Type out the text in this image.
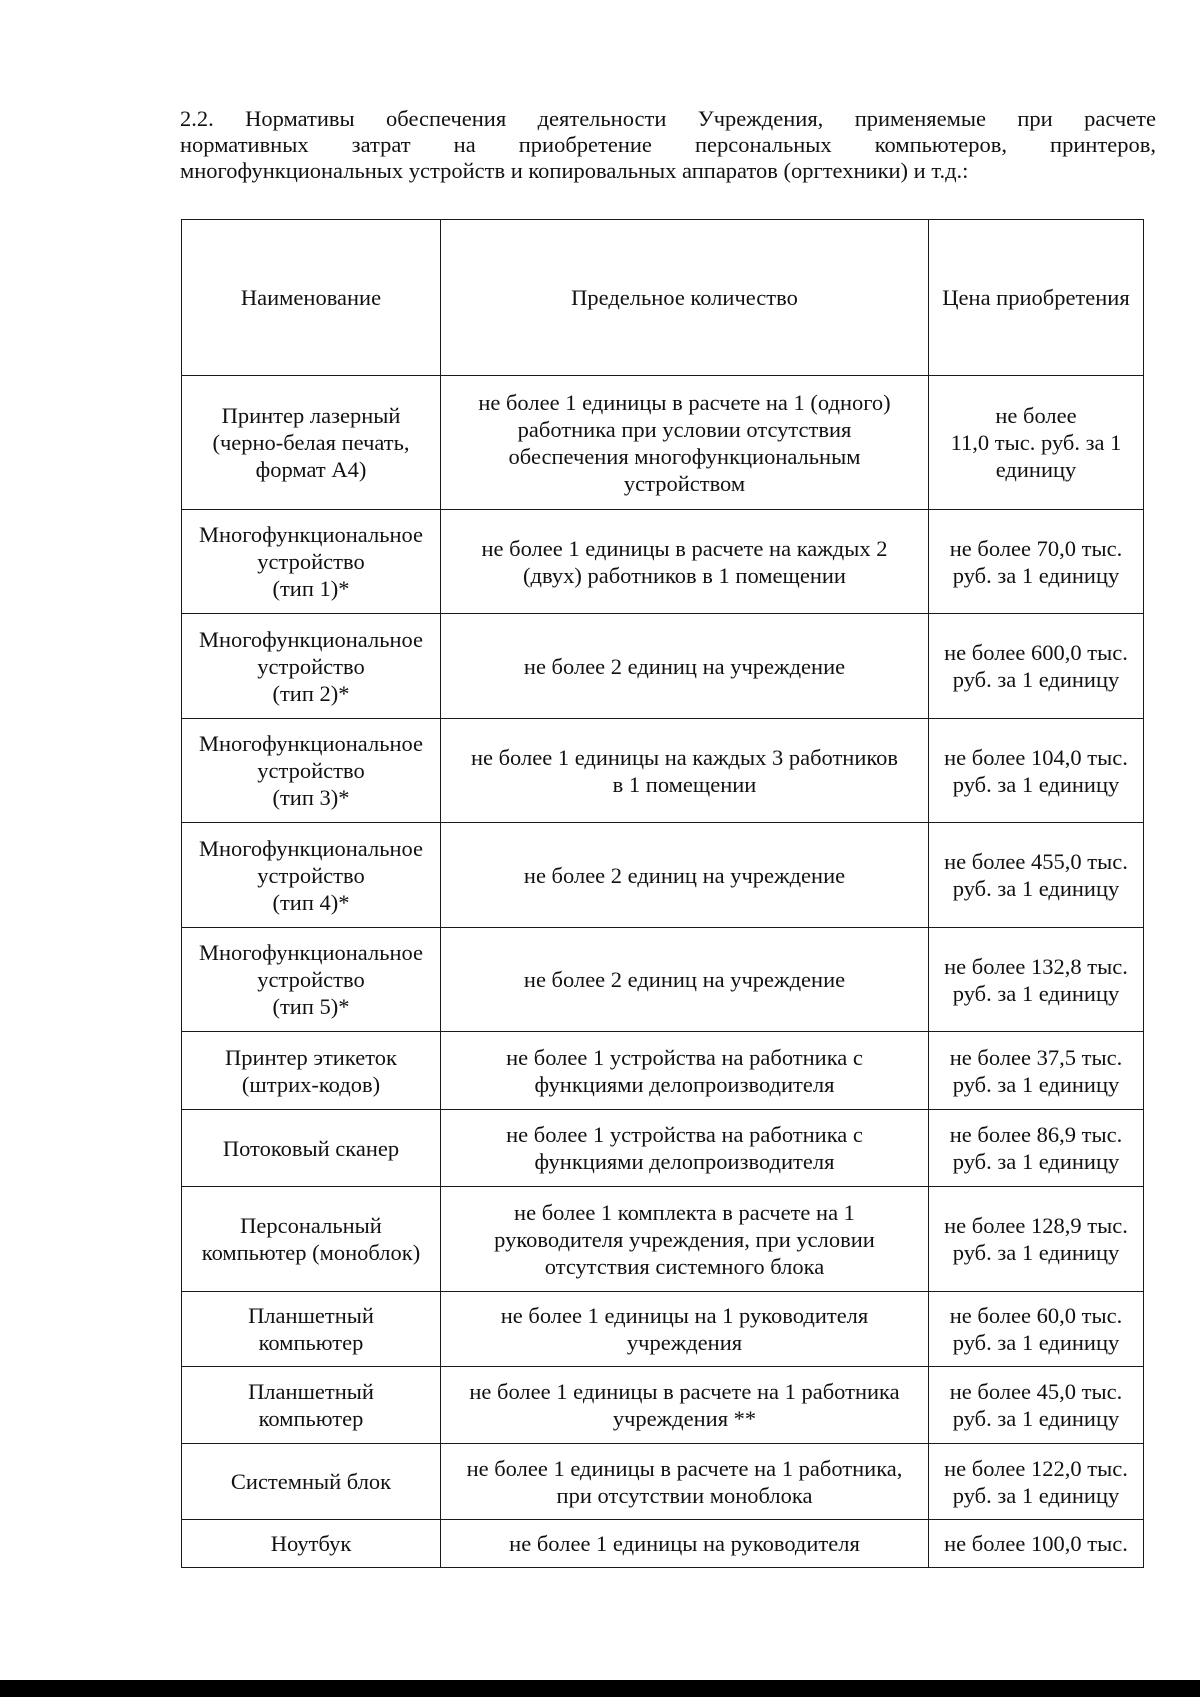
2.2. Нормативы обеспечения деятельности Учреждения, применяемые при расчете
нормативных затрат на приобретение персональных компьютеров, принтеров,
многофункциональных устройств и копировальных аппаратов (оргтехники) и т.д.:
Наименование	Предельное количество	Цена приобретения

Принтер лазерный
(черно-белая печать,
формат А4)	не более 1 единицы в расчете на 1 (одного)
работника при условии отсутствия
обеспечения многофункциональным
устройством	не более
11,0 тыс. руб. за 1
единицу

Многофункциональное
устройство
(тип 1)*	не более 1 единицы в расчете на каждых 2
(двух) работников в 1 помещении	не более 70,0 тыс.
руб. за 1 единицу

Многофункциональное
устройство
(тип 2)*	не более 2 единиц на учреждение	не более 600,0 тыс.
руб. за 1 единицу

Многофункциональное
устройство
(тип 3)*	не более 1 единицы на каждых 3 работников
в 1 помещении	не более 104,0 тыс.
руб. за 1 единицу

Многофункциональное
устройство
(тип 4)*	не более 2 единиц на учреждение	не более 455,0 тыс.
руб. за 1 единицу

Многофункциональное
устройство
(тип 5)*	не более 2 единиц на учреждение	не более 132,8 тыс.
руб. за 1 единицу

Принтер этикеток
(штрих-кодов)	не более 1 устройства на работника с
функциями делопроизводителя	не более 37,5 тыс.
руб. за 1 единицу

Потоковый сканер	не более 1 устройства на работника с
функциями делопроизводителя	не более 86,9 тыс.
руб. за 1 единицу

Персональный
компьютер (моноблок)	не более 1 комплекта в расчете на 1
руководителя учреждения, при условии
отсутствия системного блока	не более 128,9 тыс.
руб. за 1 единицу

Планшетный
компьютер	не более 1 единицы на 1 руководителя
учреждения	не более 60,0 тыс.
руб. за 1 единицу

Планшетный
компьютер	не более 1 единицы в расчете на 1 работника
учреждения **	не более 45,0 тыс.
руб. за 1 единицу

Системный блок	не более 1 единицы в расчете на 1 работника,
при отсутствии моноблока	не более 122,0 тыс.
руб. за 1 единицу

Ноутбук	не более 1 единицы на руководителя	не более 100,0 тыс.
